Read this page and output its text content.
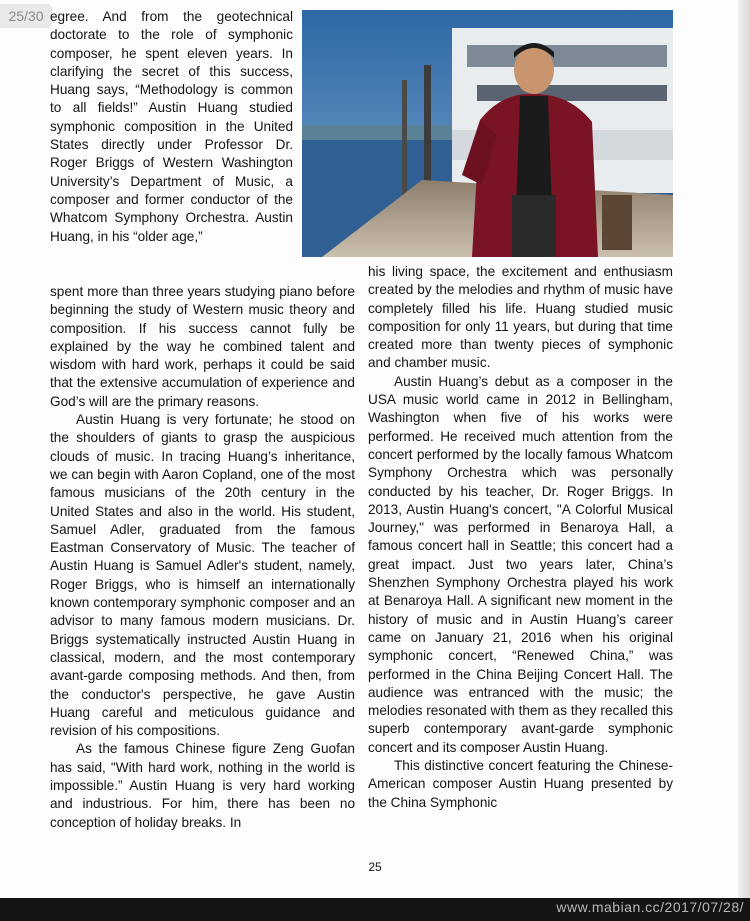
25/30 egree. And from the geotechnical doctorate to the role of symphonic composer, he spent eleven years. In clarifying the secret of this success, Huang says, “Methodology is common to all fields!” Austin Huang studied symphonic composition in the United States directly under Professor Dr. Roger Briggs of Western Washington University’s Department of Music, a composer and former conductor of the Whatcom Symphony Orchestra. Austin Huang, in his “older age,”

spent more than three years studying piano before beginning the study of Western music theory and composition. If his success cannot fully be explained by the way he combined talent and wisdom with hard work, perhaps it could be said that the extensive accumulation of experience and God’s will are the primary reasons.

Austin Huang is very fortunate; he stood on the shoulders of giants to grasp the auspicious clouds of music. In tracing Huang’s inheritance, we can begin with Aaron Copland, one of the most famous musicians of the 20th century in the United States and also in the world. His student, Samuel Adler, graduated from the famous Eastman Conservatory of Music. The teacher of Austin Huang is Samuel Adler's student, namely, Roger Briggs, who is himself an internationally known contemporary symphonic composer and an advisor to many famous modern musicians. Dr. Briggs systematically instructed Austin Huang in classical, modern, and the most contemporary avant-garde composing methods. And then, from the conductor's perspective, he gave Austin Huang careful and meticulous guidance and revision of his compositions.

As the famous Chinese figure Zeng Guofan has said, "With hard work, nothing in the world is impossible.” Austin Huang is very hard working and industrious. For him, there has been no conception of holiday breaks. In

his living space, the excitement and enthusiasm created by the melodies and rhythm of music have completely filled his life. Huang studied music composition for only 11 years, but during that time created more than twenty pieces of symphonic and chamber music.

Austin Huang’s debut as a composer in the USA music world came in 2012 in Bellingham, Washington when five of his works were performed. He received much attention from the concert performed by the locally famous Whatcom Symphony Orchestra which was personally conducted by his teacher, Dr. Roger Briggs. In 2013, Austin Huang's concert, "A Colorful Musical Journey," was performed in Benaroya Hall, a famous concert hall in Seattle; this concert had a great impact. Just two years later, China’s Shenzhen Symphony Orchestra played his work at Benaroya Hall. A significant new moment in the history of music and in Austin Huang’s career came on January 21, 2016 when his original symphonic concert, “Renewed China,” was performed in the China Beijing Concert Hall. The audience was entranced with the music; the melodies resonated with them as they recalled this superb contemporary avant-garde symphonic concert and its composer Austin Huang.

This distinctive concert featuring the Chinese-American composer Austin Huang presented by the China Symphonic

25
www.mabian.cc/2017/07/28/
